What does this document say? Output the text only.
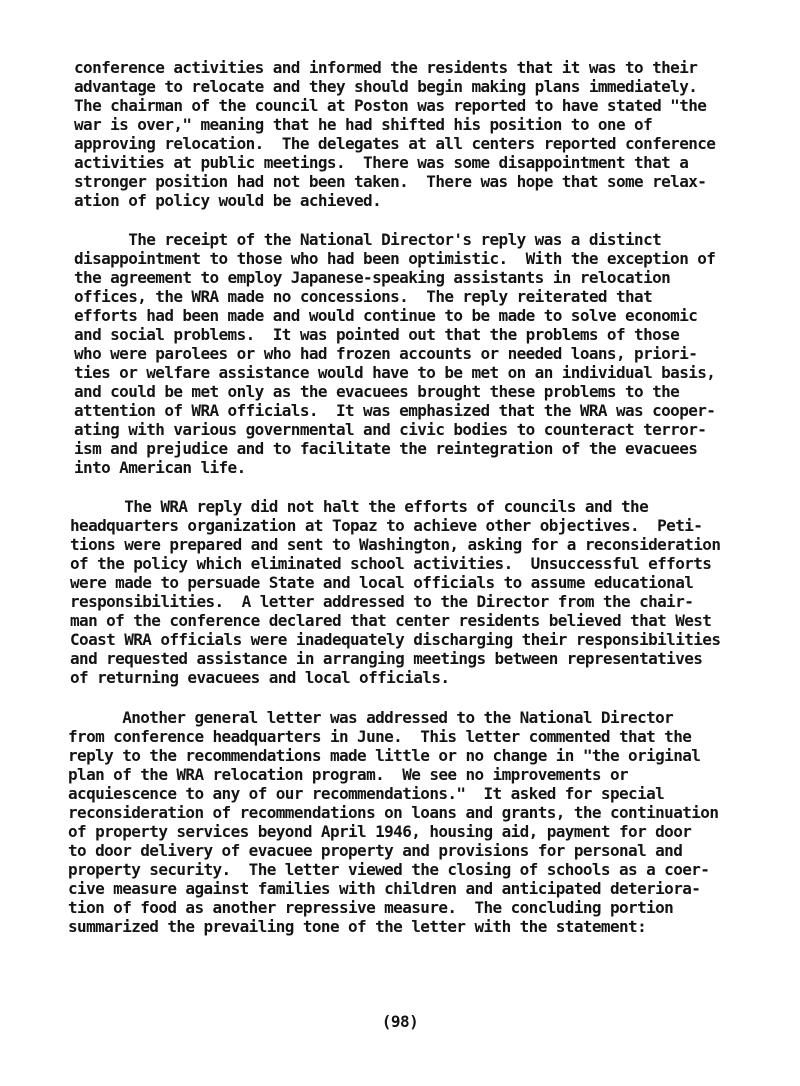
conference activities and informed the residents that it was to their
advantage to relocate and they should begin making plans immediately.
The chairman of the council at Poston was reported to have stated "the
war is over," meaning that he had shifted his position to one of
approving relocation.  The delegates at all centers reported conference
activities at public meetings.  There was some disappointment that a
stronger position had not been taken.  There was hope that some relax-
ation of policy would be achieved.
The receipt of the National Director's reply was a distinct
disappointment to those who had been optimistic.  With the exception of
the agreement to employ Japanese-speaking assistants in relocation
offices, the WRA made no concessions.  The reply reiterated that
efforts had been made and would continue to be made to solve economic
and social problems.  It was pointed out that the problems of those
who were parolees or who had frozen accounts or needed loans, priori-
ties or welfare assistance would have to be met on an individual basis,
and could be met only as the evacuees brought these problems to the
attention of WRA officials.  It was emphasized that the WRA was cooper-
ating with various governmental and civic bodies to counteract terror-
ism and prejudice and to facilitate the reintegration of the evacuees
into American life.
The WRA reply did not halt the efforts of councils and the
headquarters organization at Topaz to achieve other objectives.  Peti-
tions were prepared and sent to Washington, asking for a reconsideration
of the policy which eliminated school activities.  Unsuccessful efforts
were made to persuade State and local officials to assume educational
responsibilities.  A letter addressed to the Director from the chair-
man of the conference declared that center residents believed that West
Coast WRA officials were inadequately discharging their responsibilities
and requested assistance in arranging meetings between representatives
of returning evacuees and local officials.
Another general letter was addressed to the National Director
from conference headquarters in June.  This letter commented that the
reply to the recommendations made little or no change in "the original
plan of the WRA relocation program.  We see no improvements or
acquiescence to any of our recommendations."  It asked for special
reconsideration of recommendations on loans and grants, the continuation
of property services beyond April 1946, housing aid, payment for door
to door delivery of evacuee property and provisions for personal and
property security.  The letter viewed the closing of schools as a coer-
cive measure against families with children and anticipated deteriora-
tion of food as another repressive measure.  The concluding portion
summarized the prevailing tone of the letter with the statement:
(98)
